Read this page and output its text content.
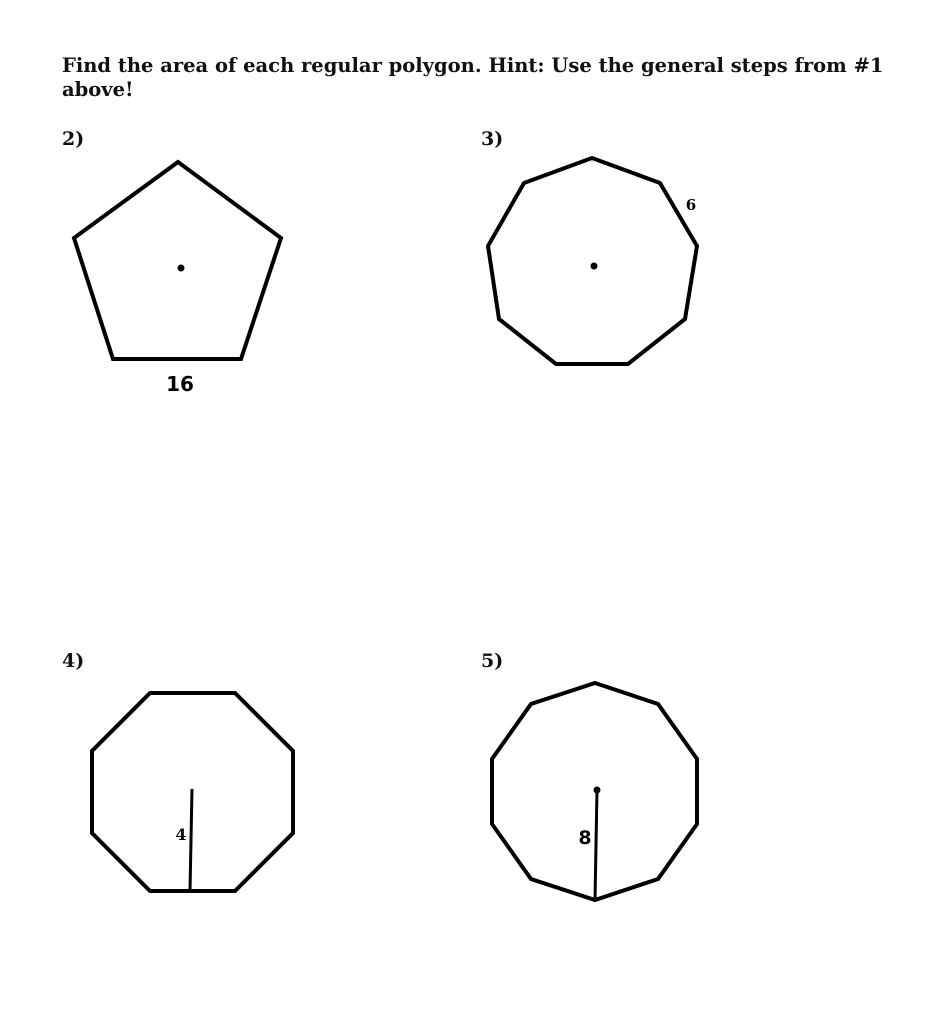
Find the area of each regular polygon. Hint: Use the general steps from #1 above!

2)
16
3)
6
4)
4
5)
8
